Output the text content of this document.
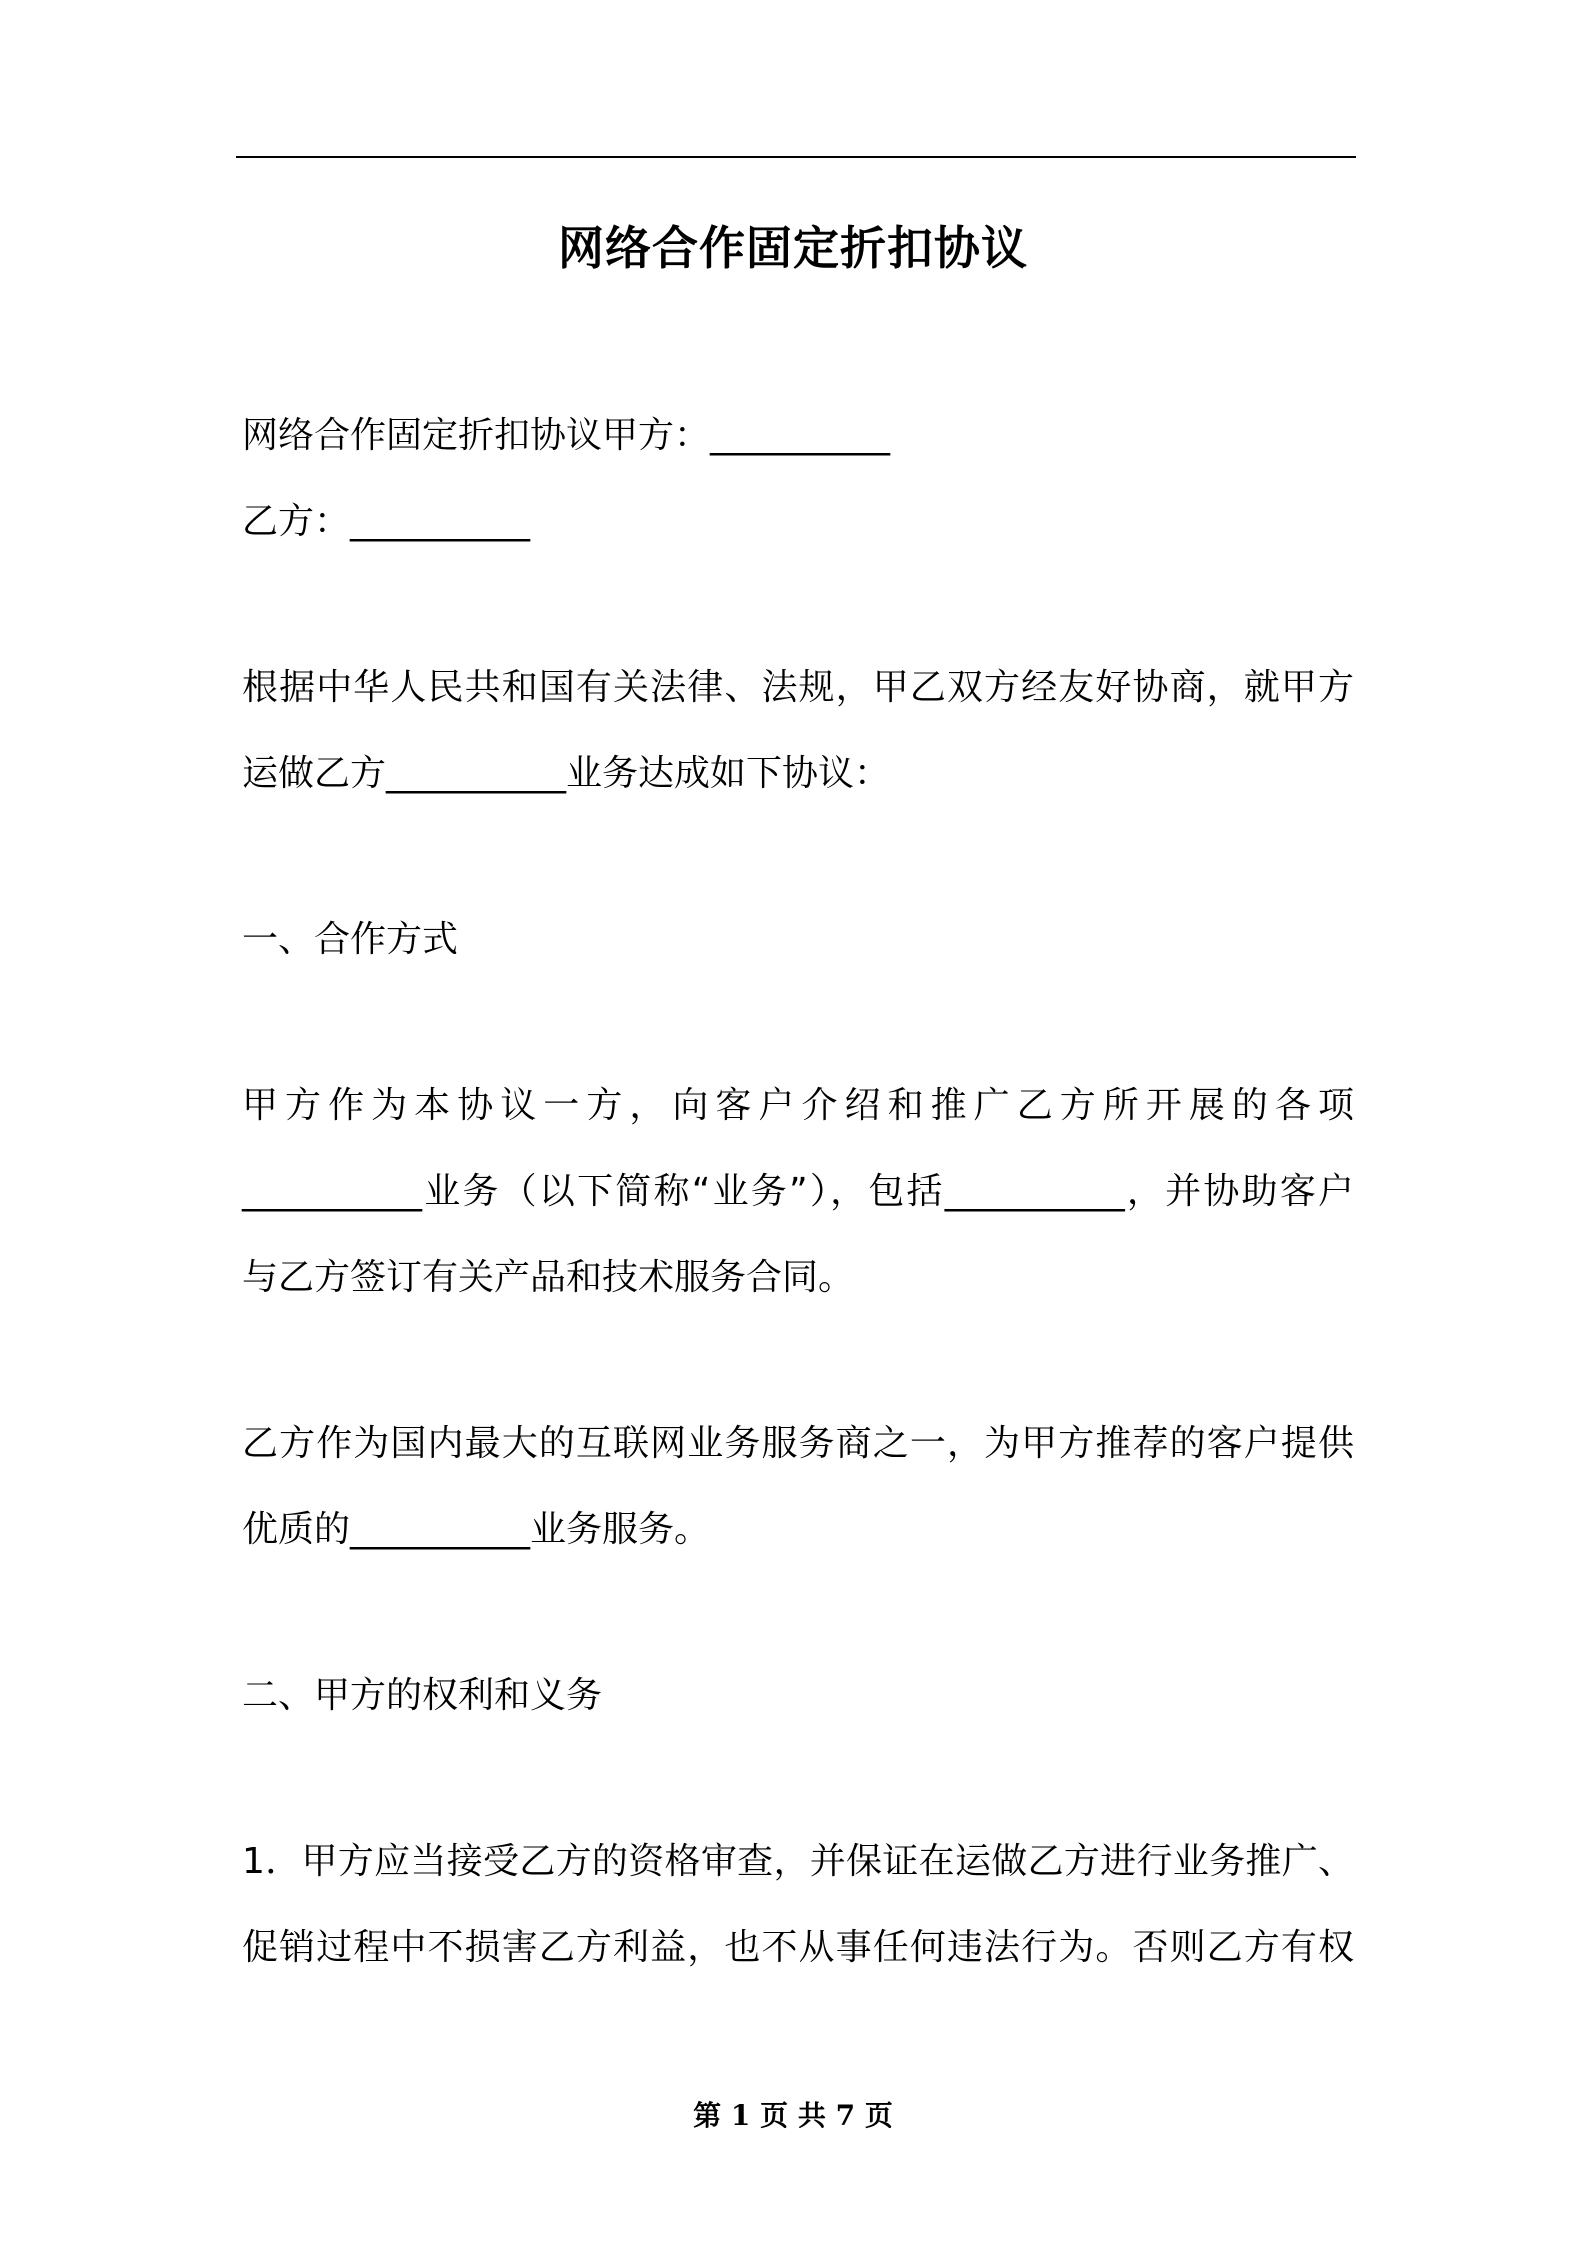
网络合作固定折扣协议
网络合作固定折扣协议甲方：__________
乙方：__________
根据中华人民共和国有关法律、法规，甲乙双方经友好协商，就甲方
运做乙方__________业务达成如下协议：
一、合作方式
甲方作为本协议一方，向客户介绍和推广乙方所开展的各项
__________业务（以下简称“业务”），包括__________，并协助客户
与乙方签订有关产品和技术服务合同。
乙方作为国内最大的互联网业务服务商之一，为甲方推荐的客户提供
优质的__________业务服务。
二、甲方的权利和义务
1．甲方应当接受乙方的资格审查，并保证在运做乙方进行业务推广、
促销过程中不损害乙方利益，也不从事任何违法行为。否则乙方有权
第 1 页 共 7 页
